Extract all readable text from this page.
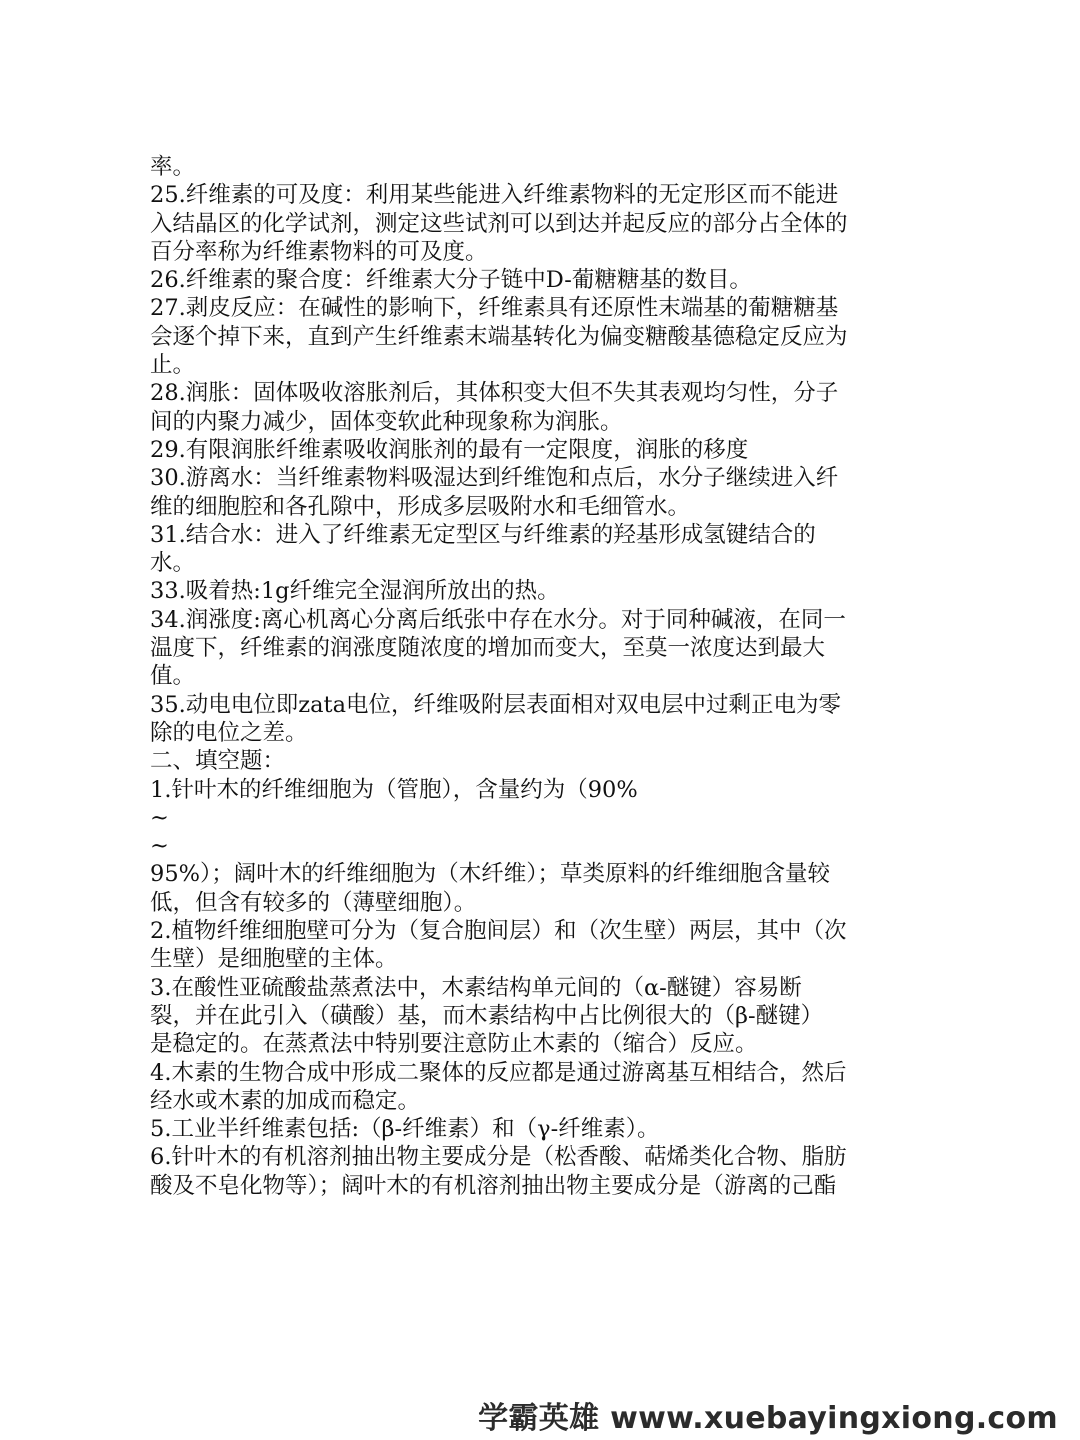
率。
25.纤维素的可及度：利用某些能进入纤维素物料的无定形区而不能进
入结晶区的化学试剂，测定这些试剂可以到达并起反应的部分占全体的
百分率称为纤维素物料的可及度。
26.纤维素的聚合度：纤维素大分子链中D-葡糖糖基的数目。
27.剥皮反应：在碱性的影响下，纤维素具有还原性末端基的葡糖糖基
会逐个掉下来，直到产生纤维素末端基转化为偏变糖酸基德稳定反应为
止。
28.润胀：固体吸收溶胀剂后，其体积变大但不失其表观均匀性，分子
间的内聚力减少，固体变软此种现象称为润胀。
29.有限润胀纤维素吸收润胀剂的最有一定限度，润胀的移度
30.游离水：当纤维素物料吸湿达到纤维饱和点后，水分子继续进入纤
维的细胞腔和各孔隙中，形成多层吸附水和毛细管水。
31.结合水：进入了纤维素无定型区与纤维素的羟基形成氢键结合的
水。
33.吸着热:1g纤维完全湿润所放出的热。
34.润涨度:离心机离心分离后纸张中存在水分。对于同种碱液，在同一
温度下，纤维素的润涨度随浓度的增加而变大，至莫一浓度达到最大
值。
35.动电电位即zata电位，纤维吸附层表面相对双电层中过剩正电为零
除的电位之差。
二、填空题：
1.针叶木的纤维细胞为（管胞），含量约为（90%
~
~
95%）；阔叶木的纤维细胞为（木纤维）；草类原料的纤维细胞含量较
低，但含有较多的（薄壁细胞）。
2.植物纤维细胞壁可分为（复合胞间层）和（次生壁）两层，其中（次
生壁）是细胞壁的主体。
3.在酸性亚硫酸盐蒸煮法中，木素结构单元间的（α-醚键）容易断
裂，并在此引入（磺酸）基，而木素结构中占比例很大的（β-醚键）
是稳定的。在蒸煮法中特别要注意防止木素的（缩合）反应。
4.木素的生物合成中形成二聚体的反应都是通过游离基互相结合，然后
经水或木素的加成而稳定。
5.工业半纤维素包括:（β-纤维素）和（γ-纤维素）。
6.针叶木的有机溶剂抽出物主要成分是（松香酸、萜烯类化合物、脂肪
酸及不皂化物等）；阔叶木的有机溶剂抽出物主要成分是（游离的己酯
学霸英雄 www.xuebayingxiong.com
